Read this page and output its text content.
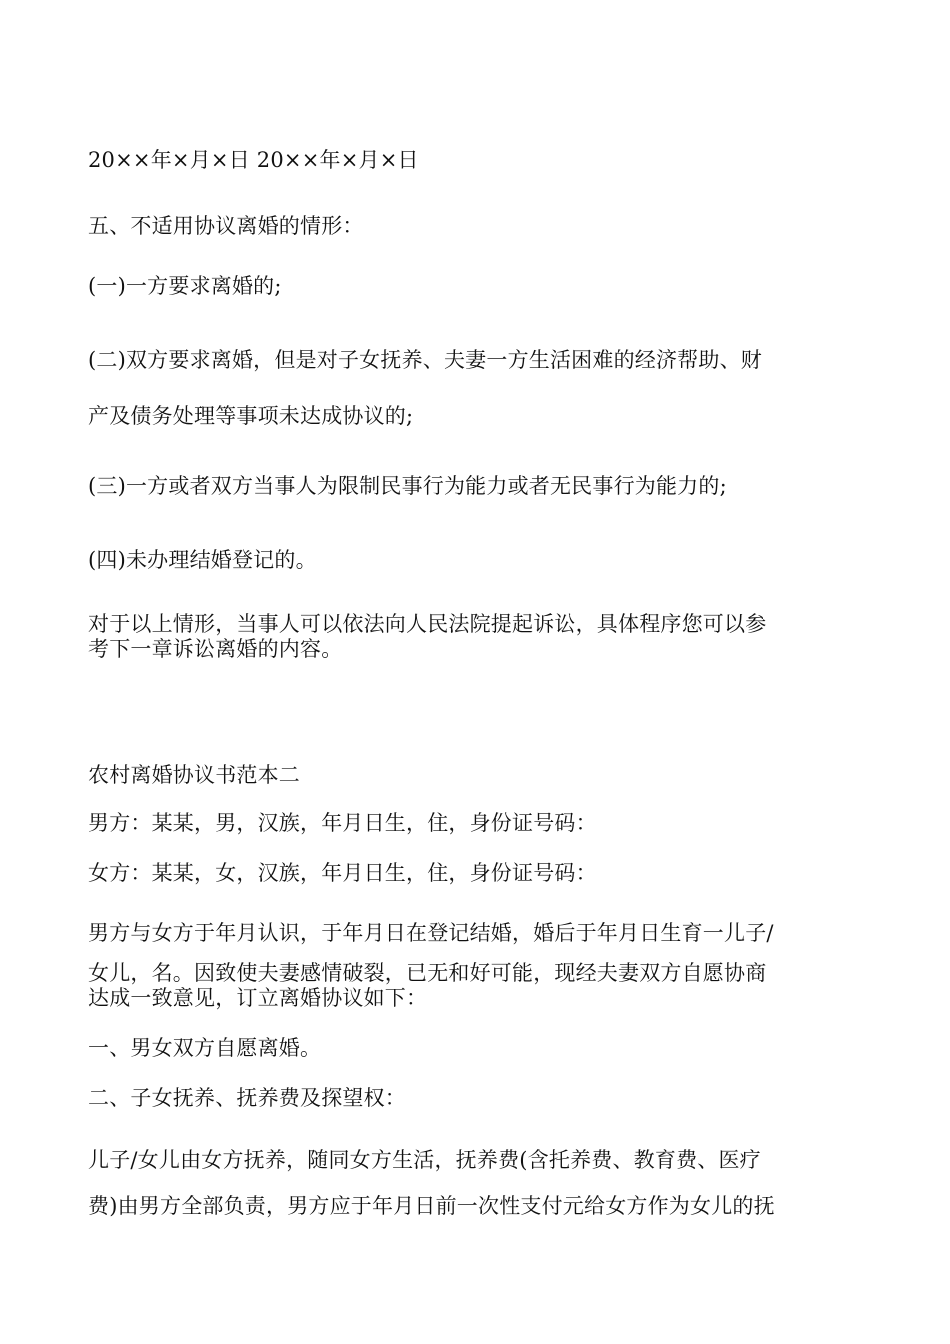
20××年×月×日 20××年×月×日
五、不适用协议离婚的情形：
(一)一方要求离婚的;
(二)双方要求离婚，但是对子女抚养、夫妻一方生活困难的经济帮助、财
产及债务处理等事项未达成协议的;
(三)一方或者双方当事人为限制民事行为能力或者无民事行为能力的;
(四)未办理结婚登记的。
对于以上情形，当事人可以依法向人民法院提起诉讼，具体程序您可以参
考下一章诉讼离婚的内容。
农村离婚协议书范本二
男方：某某，男，汉族，年月日生，住，身份证号码：
女方：某某，女，汉族，年月日生，住，身份证号码：
男方与女方于年月认识，于年月日在登记结婚，婚后于年月日生育一儿子/
女儿，名。因致使夫妻感情破裂，已无和好可能，现经夫妻双方自愿协商
达成一致意见，订立离婚协议如下：
一、男女双方自愿离婚。
二、子女抚养、抚养费及探望权：
儿子/女儿由女方抚养，随同女方生活，抚养费(含托养费、教育费、医疗
费)由男方全部负责，男方应于年月日前一次性支付元给女方作为女儿的抚
